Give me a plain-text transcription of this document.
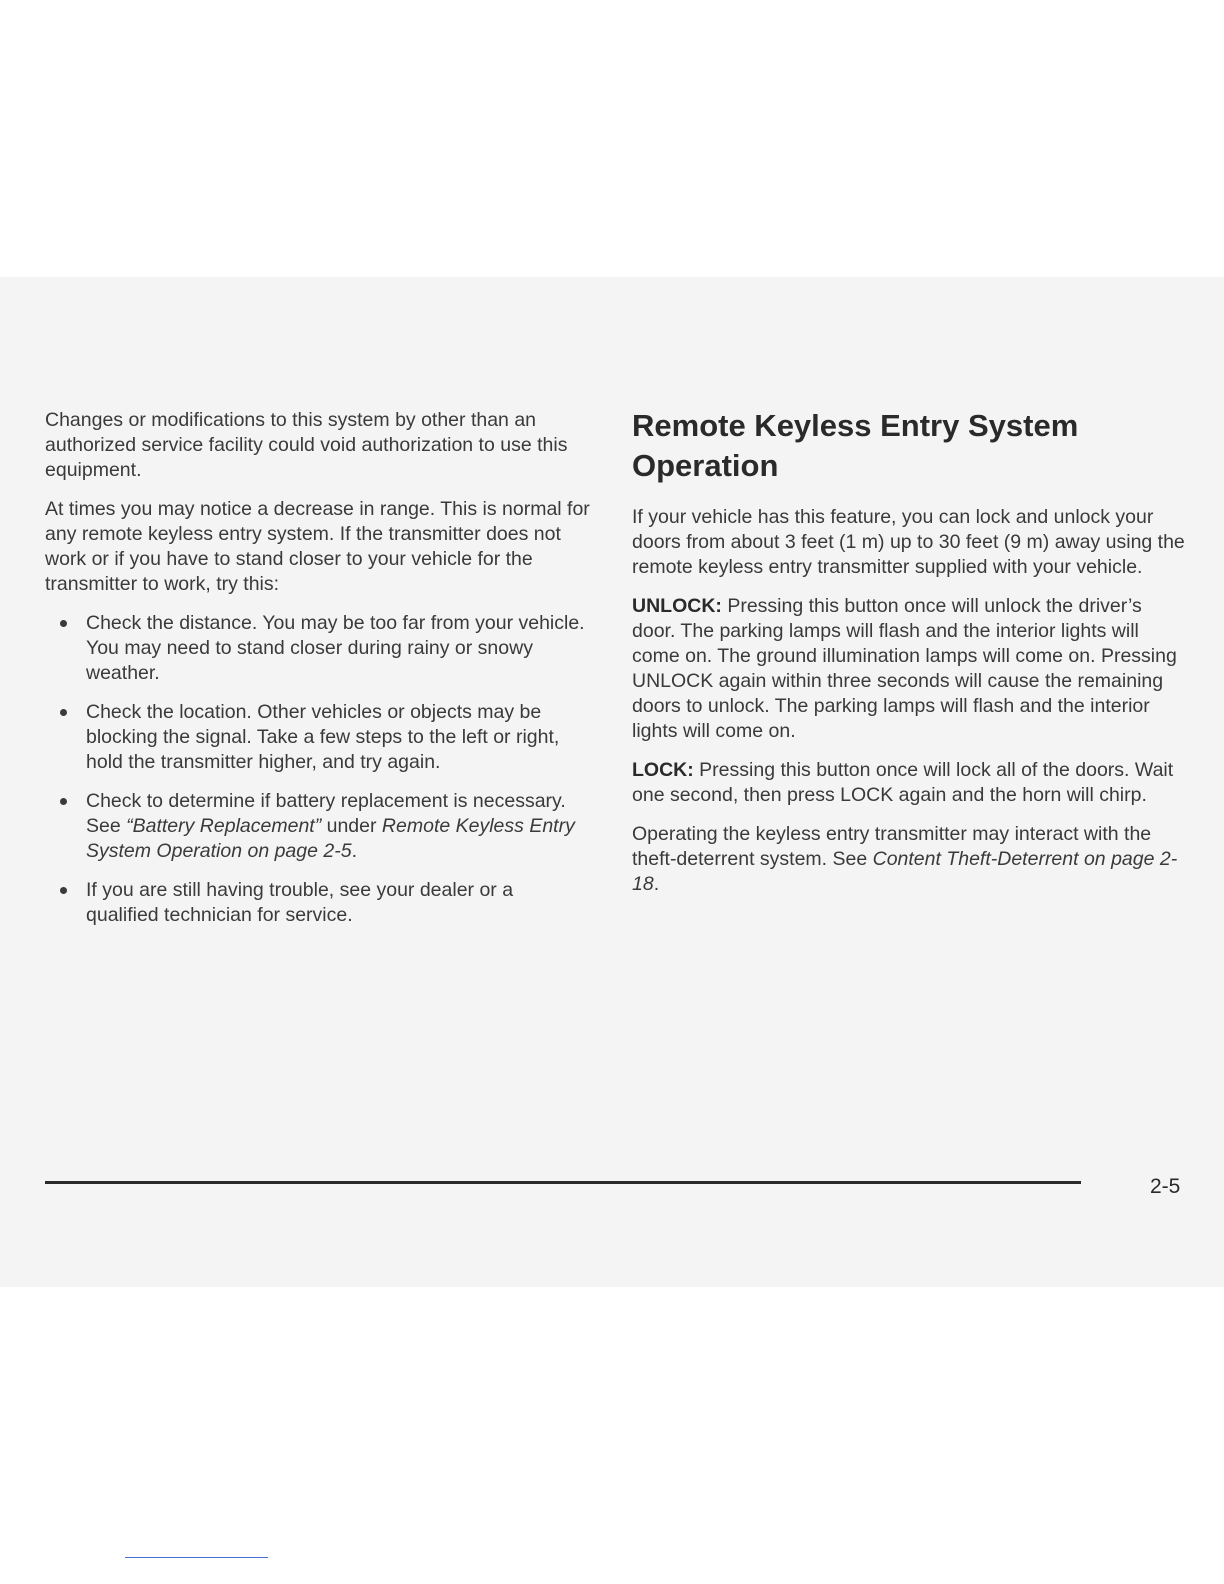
Changes or modifications to this system by other than an authorized service facility could void authorization to use this equipment.

At times you may notice a decrease in range. This is normal for any remote keyless entry system. If the transmitter does not work or if you have to stand closer to your vehicle for the transmitter to work, try this:

Check the distance. You may be too far from your vehicle. You may need to stand closer during rainy or snowy weather.
Check the location. Other vehicles or objects may be blocking the signal. Take a few steps to the left or right, hold the transmitter higher, and try again.
Check to determine if battery replacement is necessary. See “Battery Replacement” under Remote Keyless Entry System Operation on page 2-5.
If you are still having trouble, see your dealer or a qualified technician for service.
Remote Keyless Entry System Operation

If your vehicle has this feature, you can lock and unlock your doors from about 3 feet (1 m) up to 30 feet (9 m) away using the remote keyless entry transmitter supplied with your vehicle.

UNLOCK: Pressing this button once will unlock the driver’s door. The parking lamps will flash and the interior lights will come on. The ground illumination lamps will come on. Pressing UNLOCK again within three seconds will cause the remaining doors to unlock. The parking lamps will flash and the interior lights will come on.

LOCK: Pressing this button once will lock all of the doors. Wait one second, then press LOCK again and the horn will chirp.

Operating the keyless entry transmitter may interact with the theft-deterrent system. See Content Theft-Deterrent on page 2-18.

2-5
